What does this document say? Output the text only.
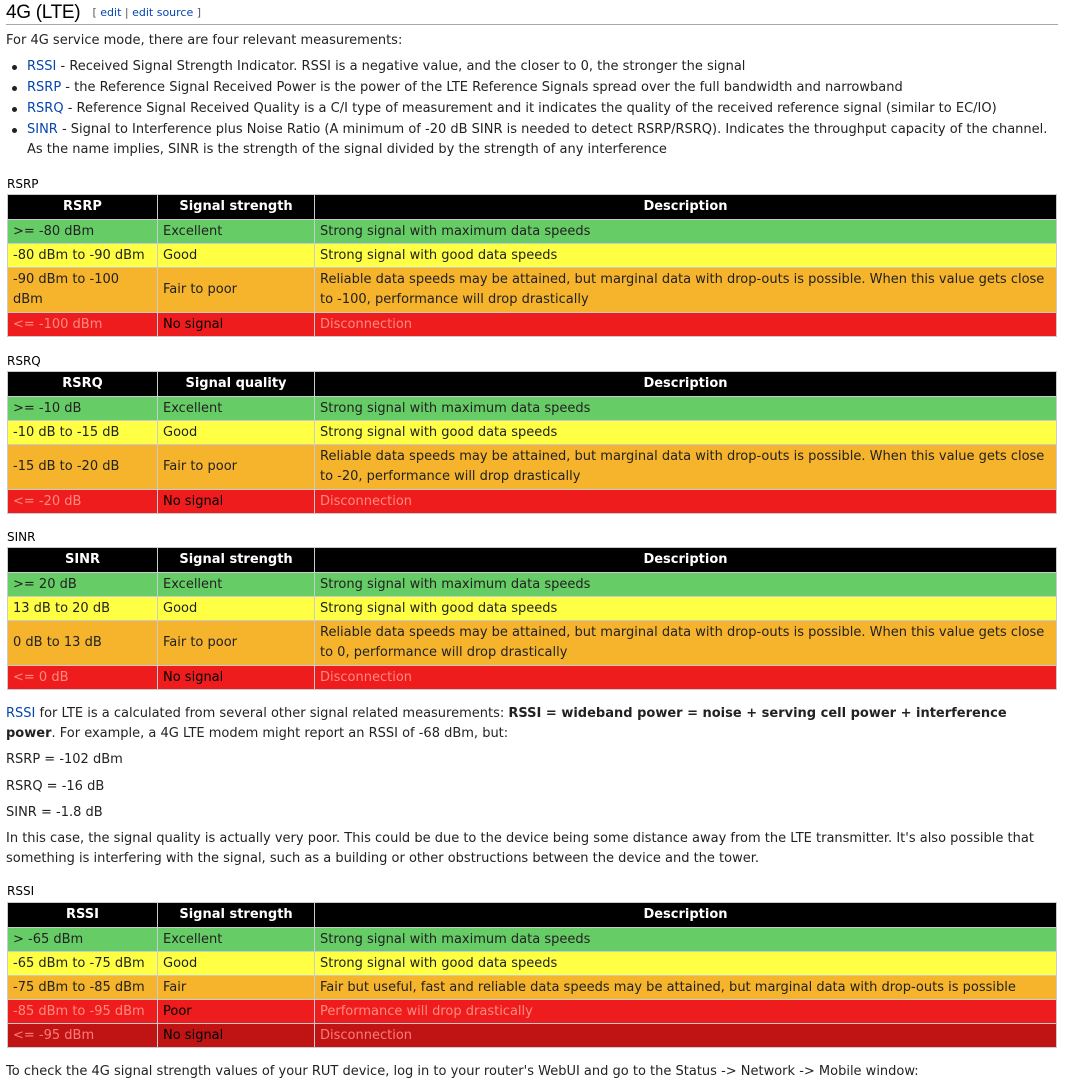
4G (LTE) [ edit | edit source ]
For 4G service mode, there are four relevant measurements:
RSSI - Received Signal Strength Indicator. RSSI is a negative value, and the closer to 0, the stronger the signal
RSRP - the Reference Signal Received Power is the power of the LTE Reference Signals spread over the full bandwidth and narrowband
RSRQ - Reference Signal Received Quality is a C/I type of measurement and it indicates the quality of the received reference signal (similar to EC/IO)
SINR - Signal to Interference plus Noise Ratio (A minimum of -20 dB SINR is needed to detect RSRP/RSRQ). Indicates the throughput capacity of the channel. As the name implies, SINR is the strength of the signal divided by the strength of any interference
RSRP
RSRP	Signal strength	Description
>= -80 dBm	Excellent	Strong signal with maximum data speeds
-80 dBm to -90 dBm	Good	Strong signal with good data speeds
-90 dBm to -100 dBm	Fair to poor	Reliable data speeds may be attained, but marginal data with drop-outs is possible. When this value gets close to -100, performance will drop drastically
<= -100 dBm	No signal	Disconnection
RSRQ
RSRQ	Signal quality	Description
>= -10 dB	Excellent	Strong signal with maximum data speeds
-10 dB to -15 dB	Good	Strong signal with good data speeds
-15 dB to -20 dB	Fair to poor	Reliable data speeds may be attained, but marginal data with drop-outs is possible. When this value gets close to -20, performance will drop drastically
<= -20 dB	No signal	Disconnection
SINR
SINR	Signal strength	Description
>= 20 dB	Excellent	Strong signal with maximum data speeds
13 dB to 20 dB	Good	Strong signal with good data speeds
0 dB to 13 dB	Fair to poor	Reliable data speeds may be attained, but marginal data with drop-outs is possible. When this value gets close to 0, performance will drop drastically
<= 0 dB	No signal	Disconnection
RSSI for LTE is a calculated from several other signal related measurements: RSSI = wideband power = noise + serving cell power + interference power. For example, a 4G LTE modem might report an RSSI of -68 dBm, but:
RSRP = -102 dBm
RSRQ = -16 dB
SINR = -1.8 dB
In this case, the signal quality is actually very poor. This could be due to the device being some distance away from the LTE transmitter. It's also possible that something is interfering with the signal, such as a building or other obstructions between the device and the tower.
RSSI
RSSI	Signal strength	Description
> -65 dBm	Excellent	Strong signal with maximum data speeds
-65 dBm to -75 dBm	Good	Strong signal with good data speeds
-75 dBm to -85 dBm	Fair	Fair but useful, fast and reliable data speeds may be attained, but marginal data with drop-outs is possible
-85 dBm to -95 dBm	Poor	Performance will drop drastically
<= -95 dBm	No signal	Disconnection
To check the 4G signal strength values of your RUT device, log in to your router's WebUI and go to the Status -> Network -> Mobile window:
